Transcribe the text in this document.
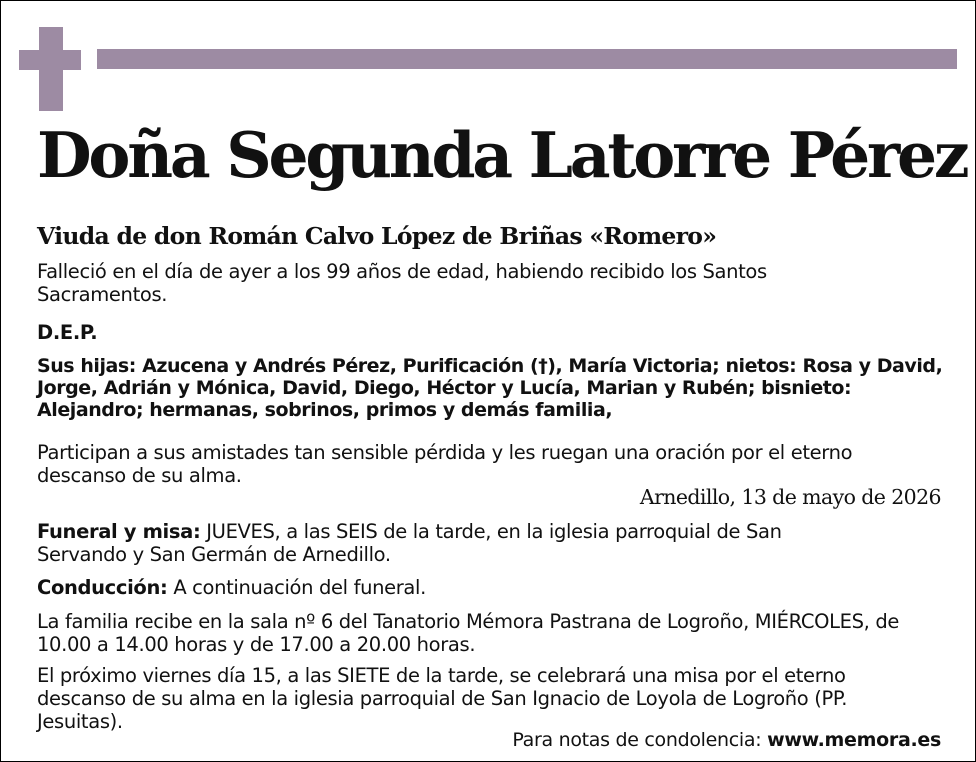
Doña Segunda Latorre Pérez
Viuda de don Román Calvo López de Briñas «Romero»
Falleció en el día de ayer a los 99 años de edad, habiendo recibido los Santos Sacramentos.
D.E.P.
Sus hijas: Azucena y Andrés Pérez, Purificación (†), María Victoria; nietos: Rosa y David, Jorge, Adrián y Mónica, David, Diego, Héctor y Lucía, Marian y Rubén; bisnieto: Alejandro; hermanas, sobrinos, primos y demás familia,
Participan a sus amistades tan sensible pérdida y les ruegan una oración por el eterno descanso de su alma.
Arnedillo, 13 de mayo de 2026
Funeral y misa: JUEVES, a las SEIS de la tarde, en la iglesia parroquial de San Servando y San Germán de Arnedillo.
Conducción: A continuación del funeral.
La familia recibe en la sala nº 6 del Tanatorio Mémora Pastrana de Logroño, MIÉRCOLES, de 10.00 a 14.00 horas y de 17.00 a 20.00 horas.
El próximo viernes día 15, a las SIETE de la tarde, se celebrará una misa por el eterno descanso de su alma en la iglesia parroquial de San Ignacio de Loyola de Logroño (PP. Jesuitas).
Para notas de condolencia: www.memora.es
